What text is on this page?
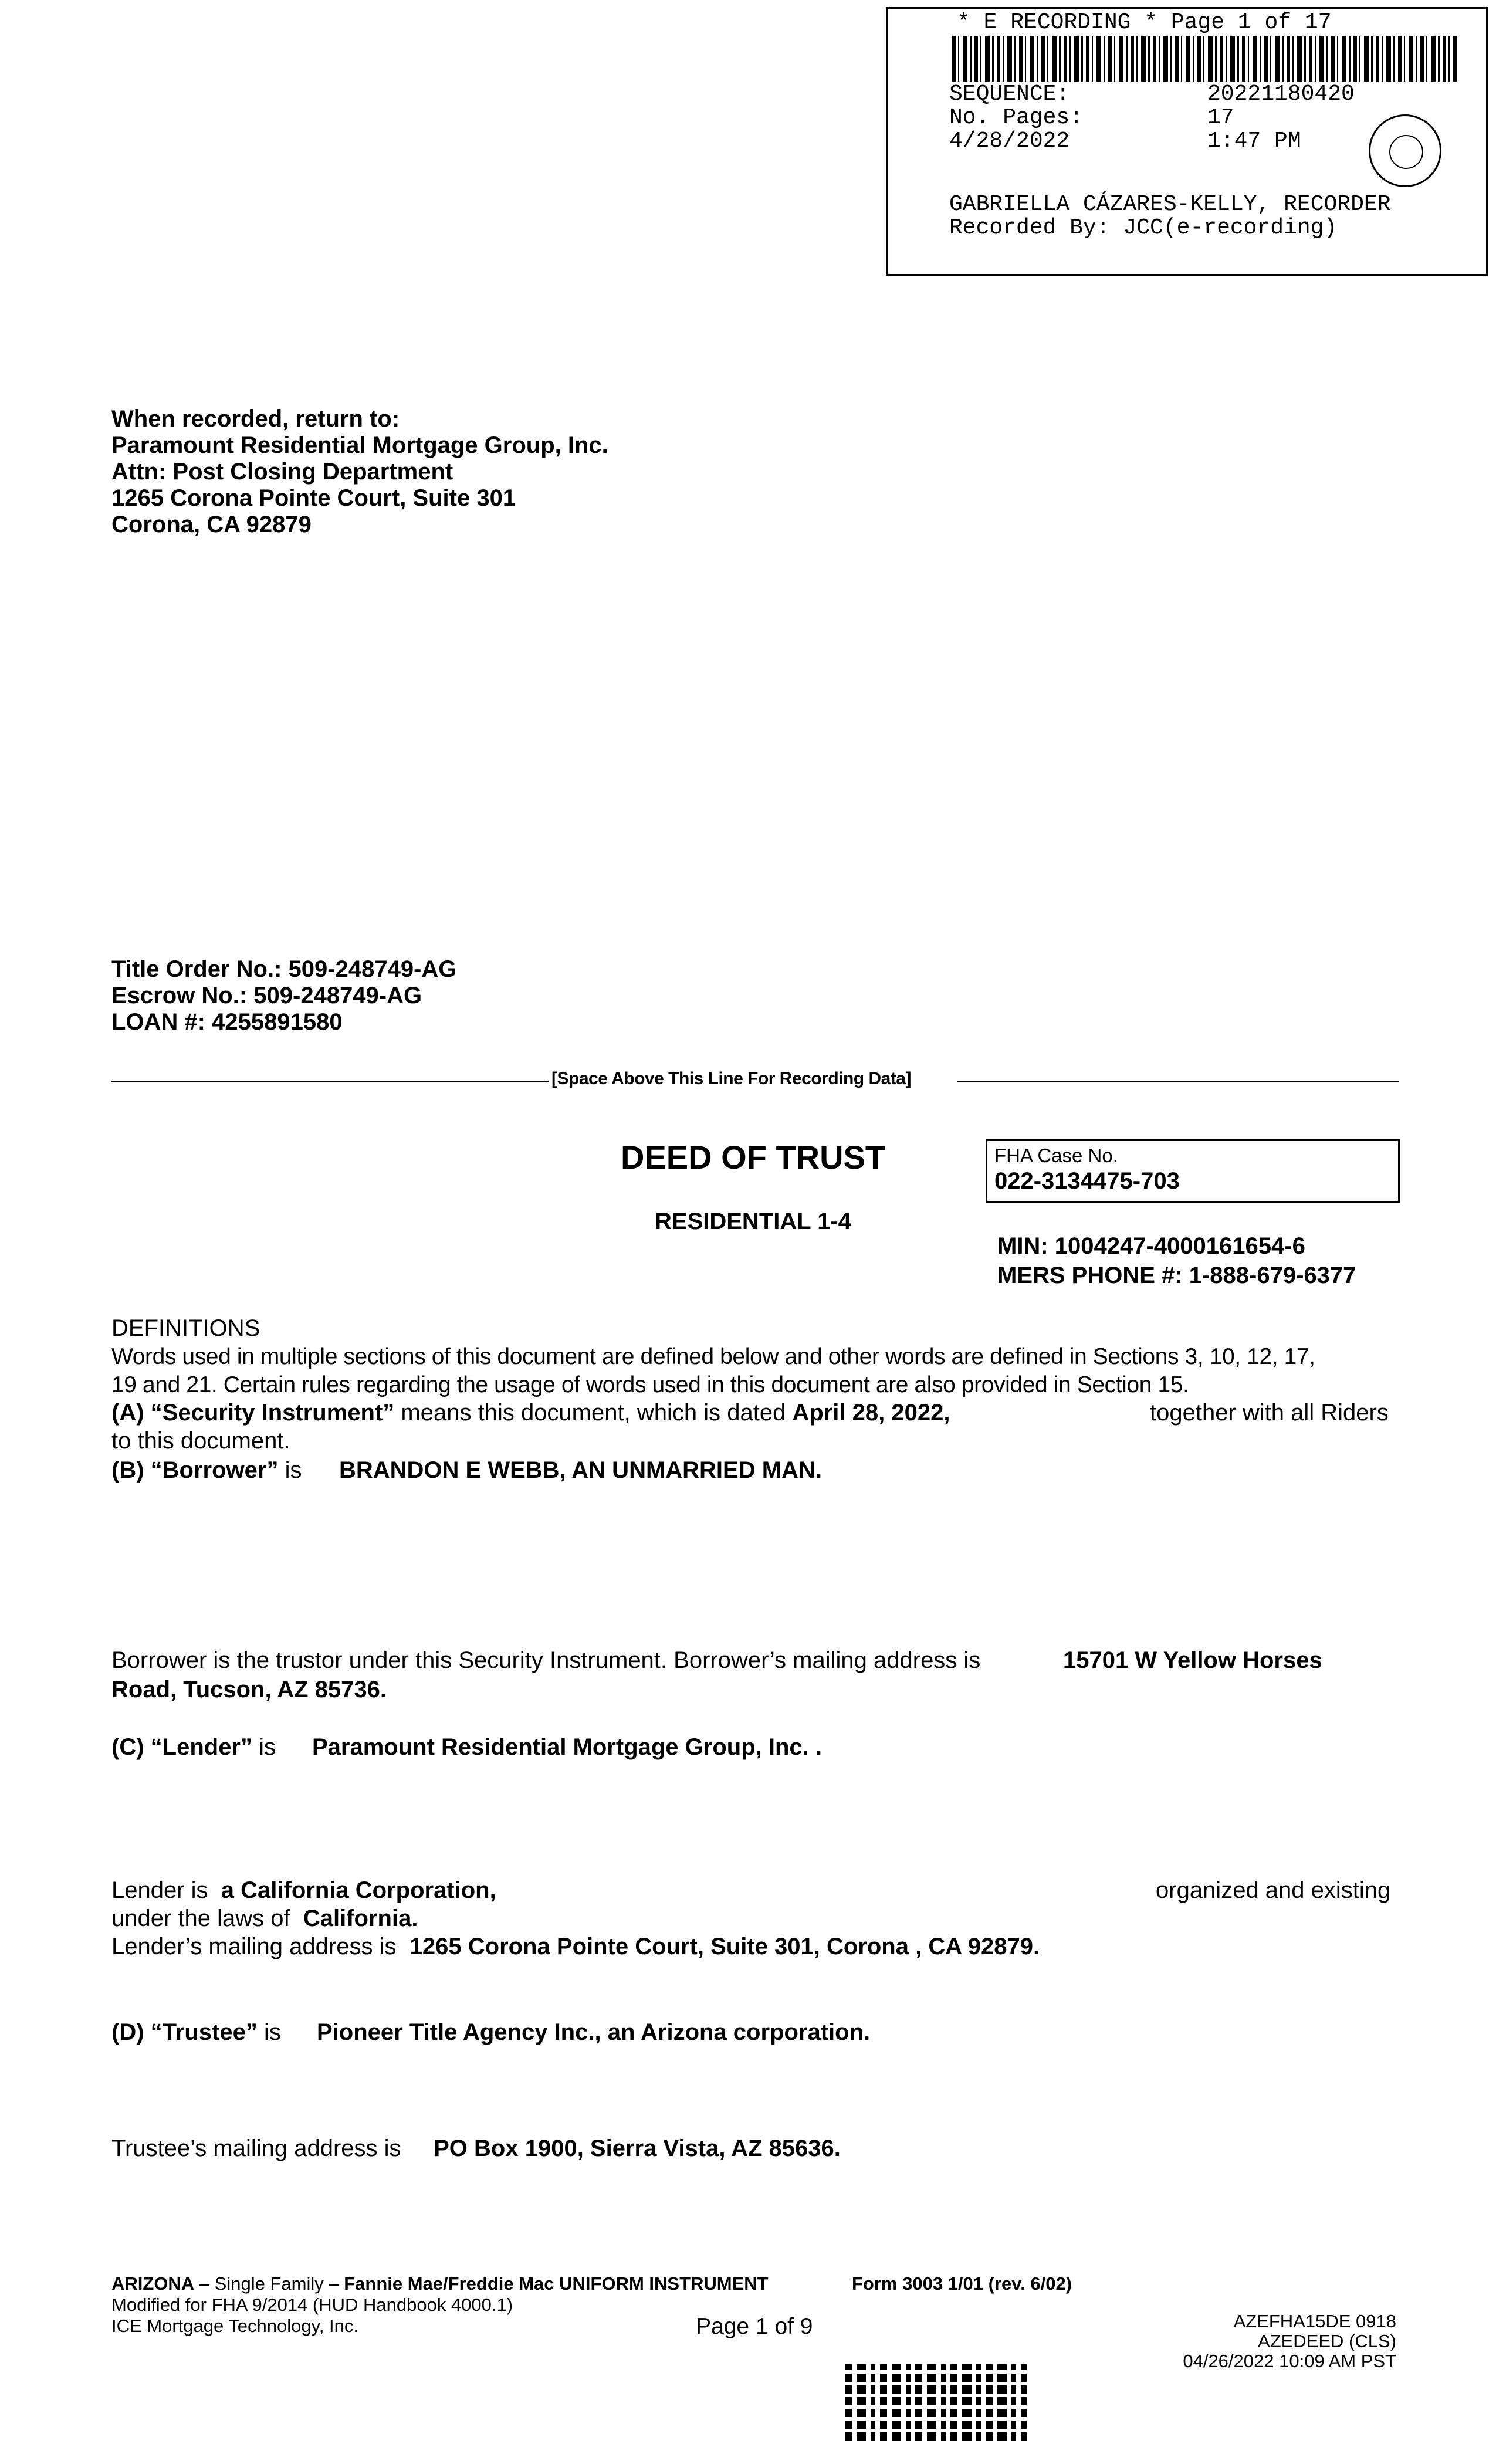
* E RECORDING * Page 1 of 17
SEQUENCE:	20221180420
No. Pages:	17
4/28/2022	1:47 PM
GABRIELLA CÁZARES-KELLY, RECORDER
Recorded By: JCC(e-recording)
When recorded, return to:
Paramount Residential Mortgage Group, Inc.
Attn: Post Closing Department
1265 Corona Pointe Court, Suite 301
Corona, CA 92879
Title Order No.: 509-248749-AG
Escrow No.: 509-248749-AG
LOAN #: 4255891580
[Space Above This Line For Recording Data]
DEED OF TRUST
RESIDENTIAL 1-4
FHA Case No.
022-3134475-703
MIN: 1004247-4000161654-6
MERS PHONE #: 1-888-679-6377
DEFINITIONS
Words used in multiple sections of this document are defined below and other words are defined in Sections 3, 10, 12, 17,
19 and 21. Certain rules regarding the usage of words used in this document are also provided in Section 15.
(A) “Security Instrument” means this document, which is dated April 28, 2022,	together with all Riders
to this document.
(B) “Borrower” is BRANDON E WEBB, AN UNMARRIED MAN.
Borrower is the trustor under this Security Instrument. Borrower’s mailing address is	15701 W Yellow Horses
Road, Tucson, AZ 85736.
(C) “Lender” is Paramount Residential Mortgage Group, Inc. .
Lender is a California Corporation,	organized and existing
under the laws of California.
Lender’s mailing address is 1265 Corona Pointe Court, Suite 301, Corona , CA 92879.
(D) “Trustee” is Pioneer Title Agency Inc., an Arizona corporation.
Trustee’s mailing address is PO Box 1900, Sierra Vista, AZ 85636.
ARIZONA – Single Family – Fannie Mae/Freddie Mac UNIFORM INSTRUMENT	Form 3003 1/01 (rev. 6/02)
Modified for FHA 9/2014 (HUD Handbook 4000.1)
ICE Mortgage Technology, Inc.	Page 1 of 9	AZEFHA15DE 0918
AZEDEED (CLS)
04/26/2022 10:09 AM PST
